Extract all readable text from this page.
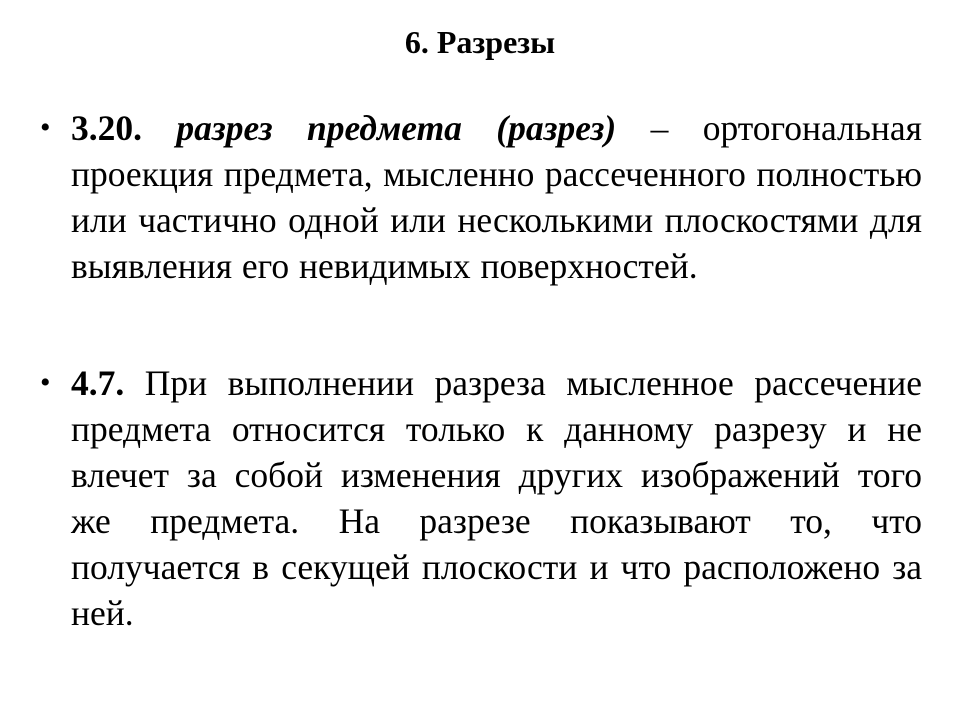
6. Разрезы
• 3.20. разрез предмета (разрез) – ортогональная проекция предмета, мысленно рассеченного полностью или частично одной или несколькими плоскостями для выявления его невидимых поверхностей.

• 4.7. При выполнении разреза мысленное рассечение предмета относится только к данному разрезу и не влечет за собой изменения других изображений того же предмета. На разрезе показывают то, что получается в секущей плоскости и что расположено за ней.
